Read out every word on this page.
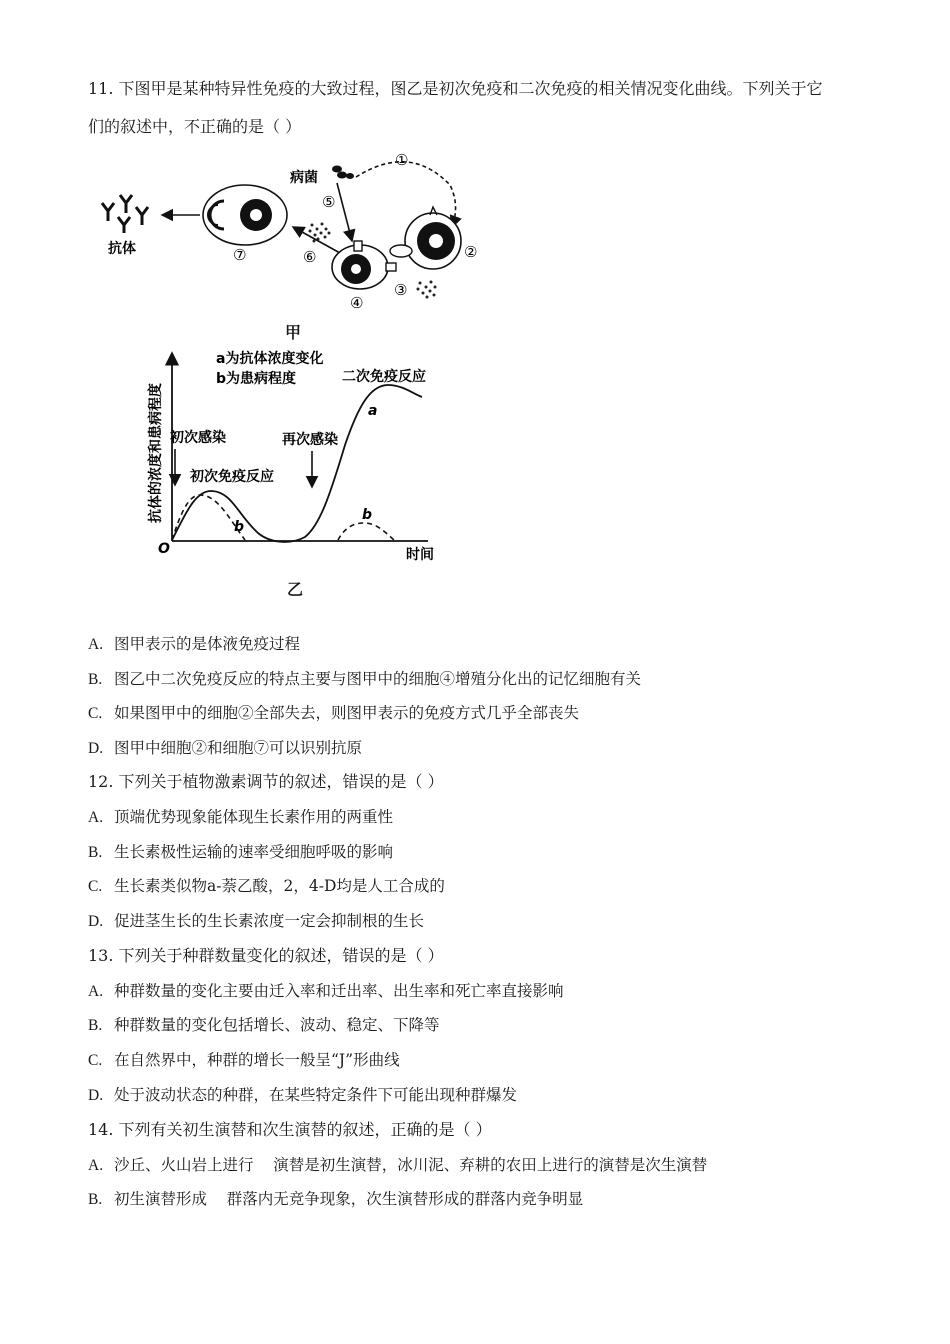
11. 下图甲是某种特异性免疫的大致过程，图乙是初次免疫和二次免疫的相关情况变化曲线。下列关于它
们的叙述中，不正确的是（ ）
抗体	⑦	⑥
病菌
①
⑤
④
②
③
甲
O	时间
抗体的浓度和患病程度
a为抗体浓度变化
b为患病程度
初次感染
初次免疫反应
再次感染
二次免疫反应
a
b
b
乙
A. 图甲表示的是体液免疫过程
B. 图乙中二次免疫反应的特点主要与图甲中的细胞④增殖分化出的记忆细胞有关
C. 如果图甲中的细胞②全部失去，则图甲表示的免疫方式几乎全部丧失
D. 图甲中细胞②和细胞⑦可以识别抗原
12. 下列关于植物激素调节的叙述，错误的是（ ）
A. 顶端优势现象能体现生长素作用的两重性
B. 生长素极性运输的速率受细胞呼吸的影响
C. 生长素类似物a-萘乙酸，2，4-D均是人工合成的
D. 促进茎生长的生长素浓度一定会抑制根的生长
13. 下列关于种群数量变化的叙述，错误的是（ ）
A. 种群数量的变化主要由迁入率和迁出率、出生率和死亡率直接影响
B. 种群数量的变化包括增长、波动、稳定、下降等
C. 在自然界中，种群的增长一般呈“J”形曲线
D. 处于波动状态的种群，在某些特定条件下可能出现种群爆发
14. 下列有关初生演替和次生演替的叙述，正确的是（ ）
A. 沙丘、火山岩上进行    演替是初生演替，冰川泥、弃耕的农田上进行的演替是次生演替
B. 初生演替形成    群落内无竞争现象，次生演替形成的群落内竞争明显
